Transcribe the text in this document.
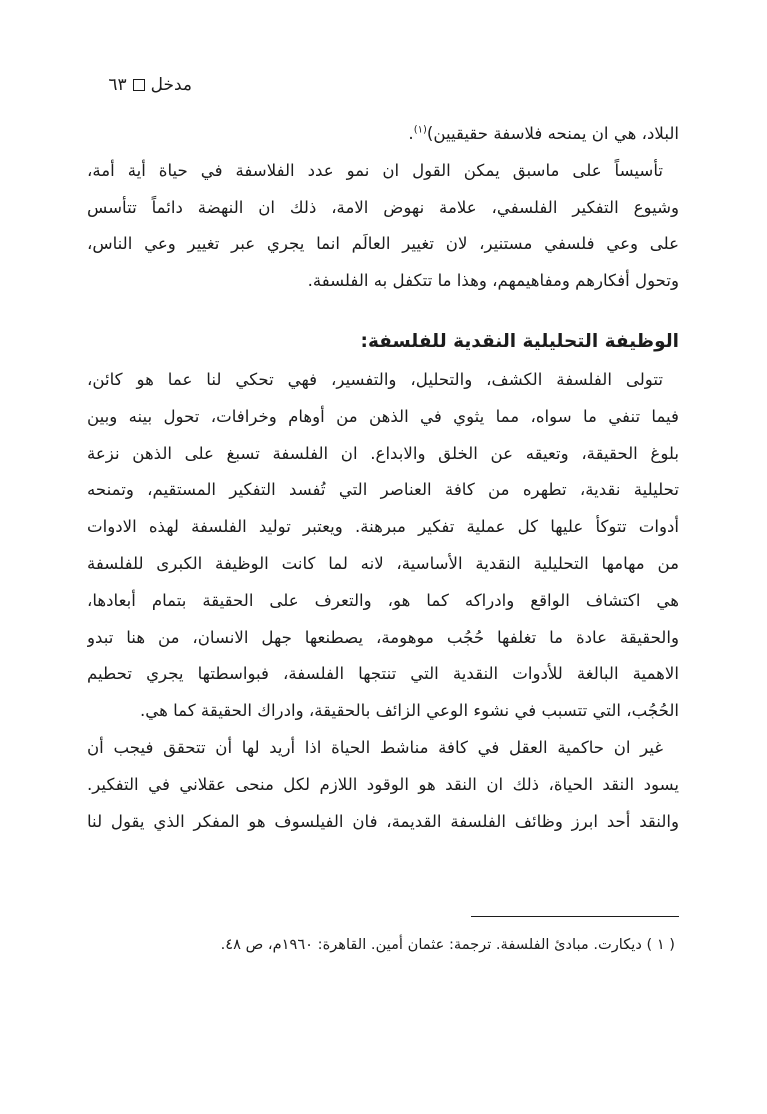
مدخل
٦٣
البلاد، هي ان يمنحه فلاسفة حقيقيين)$^{(١)}$.
تأسيساً على ماسبق يمكن القول ان نمو عدد الفلاسفة في حياة أية أمة،
وشيوع التفكير الفلسفي، علامة نهوض الامة، ذلك ان النهضة دائماً تتأسس
على وعي فلسفي مستنير، لان تغيير العالَم انما يجري عبر تغيير وعي الناس،
وتحول أفكارهم ومفاهيمهم، وهذا ما تتكفل به الفلسفة.
الوظيفة التحليلية النقدية للفلسفة:
تتولى الفلسفة الكشف، والتحليل، والتفسير، فهي تحكي لنا عما هو كائن،
فيما تنفي ما سواه، مما يثوي في الذهن من أوهام وخرافات، تحول بينه وبين
بلوغ الحقيقة، وتعيقه عن الخلق والابداع. ان الفلسفة تسبغ على الذهن نزعة
تحليلية نقدية، تطهره من كافة العناصر التي تُفسد التفكير المستقيم، وتمنحه
أدوات تتوكأ عليها كل عملية تفكير مبرهنة. ويعتبر توليد الفلسفة لهذه الادوات
من مهامها التحليلية النقدية الأساسية، لانه لما كانت الوظيفة الكبرى للفلسفة
هي اكتشاف الواقع وادراكه كما هو، والتعرف على الحقيقة بتمام أبعادها،
والحقيقة عادة ما تغلفها حُجُب موهومة، يصطنعها جهل الانسان، من هنا تبدو
الاهمية البالغة للأدوات النقدية التي تنتجها الفلسفة، فبواسطتها يجري تحطيم
الحُجُب، التي تتسبب في نشوء الوعي الزائف بالحقيقة، وادراك الحقيقة كما هي.
غير ان حاكمية العقل في كافة مناشط الحياة اذا أريد لها أن تتحقق فيجب أن
يسود النقد الحياة، ذلك ان النقد هو الوقود اللازم لكل منحى عقلاني في التفكير.
والنقد أحد ابرز وظائف الفلسفة القديمة، فان الفيلسوف هو المفكر الذي يقول لنا
( ١ ) ديكارت. مبادئ الفلسفة. ترجمة: عثمان أمين. القاهرة: ١٩٦٠م، ص ٤٨.
